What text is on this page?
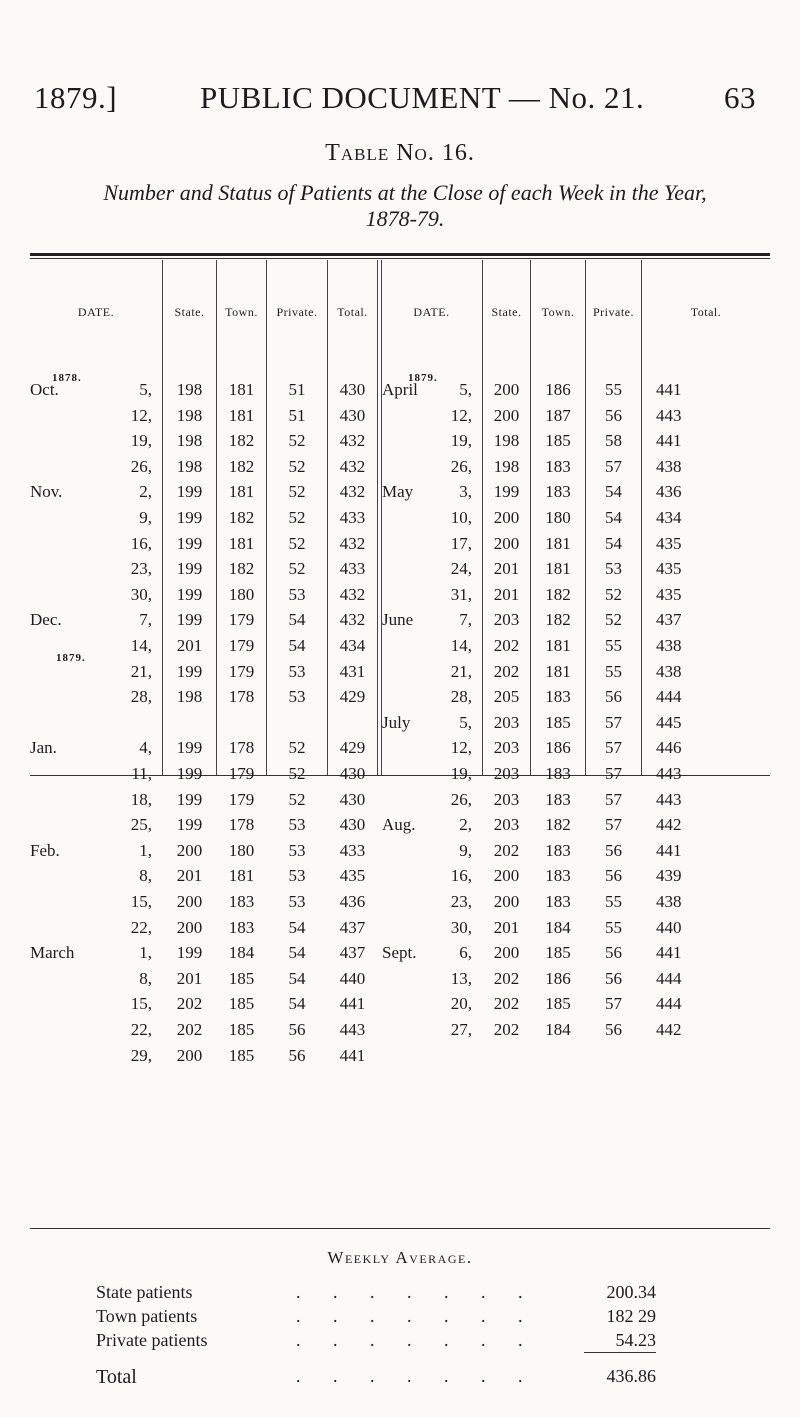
1879.]	PUBLIC DOCUMENT — No. 21.	63
Table No. 16.
Number and Status of Patients at the Close of each Week in the Year,
1878-79.
DATE.	State.	Town.	Private.	Total.	DATE.	State.	Town.	Private.	Total.
1878.
1879.
1879.
Oct.	5,	198	181	51	430
12,	198	181	51	430
19,	198	182	52	432
26,	198	182	52	432
Nov.	2,	199	181	52	432
9,	199	182	52	433
16,	199	181	52	432
23,	199	182	52	433
30,	199	180	53	432
Dec.	7,	199	179	54	432
14,	201	179	54	434
21,	199	179	53	431
28,	198	178	53	429
Jan.	4,	199	178	52	429
11,	199	179	52	430
18,	199	179	52	430
25,	199	178	53	430
Feb.	1,	200	180	53	433
8,	201	181	53	435
15,	200	183	53	436
22,	200	183	54	437
March	1,	199	184	54	437
8,	201	185	54	440
15,	202	185	54	441
22,	202	185	56	443
29,	200	185	56	441
April	5,	200	186	55	441
12,	200	187	56	443
19,	198	185	58	441
26,	198	183	57	438
May	3,	199	183	54	436
10,	200	180	54	434
17,	200	181	54	435
24,	201	181	53	435
31,	201	182	52	435
June	7,	203	182	52	437
14,	202	181	55	438
21,	202	181	55	438
28,	205	183	56	444
July	5,	203	185	57	445
12,	203	186	57	446
19,	203	183	57	443
26,	203	183	57	443
Aug.	2,	203	182	57	442
9,	202	183	56	441
16,	200	183	56	439
23,	200	183	55	438
30,	201	184	55	440
Sept.	6,	200	185	56	441
13,	202	186	56	444
20,	202	185	57	444
27,	202	184	56	442
Weekly Average.
State patients	. . . . . . .	200.34
Town patients	. . . . . . .	182 29
Private patients	. . . . . . .	54.23
Total	. . . . . . .	436.86
